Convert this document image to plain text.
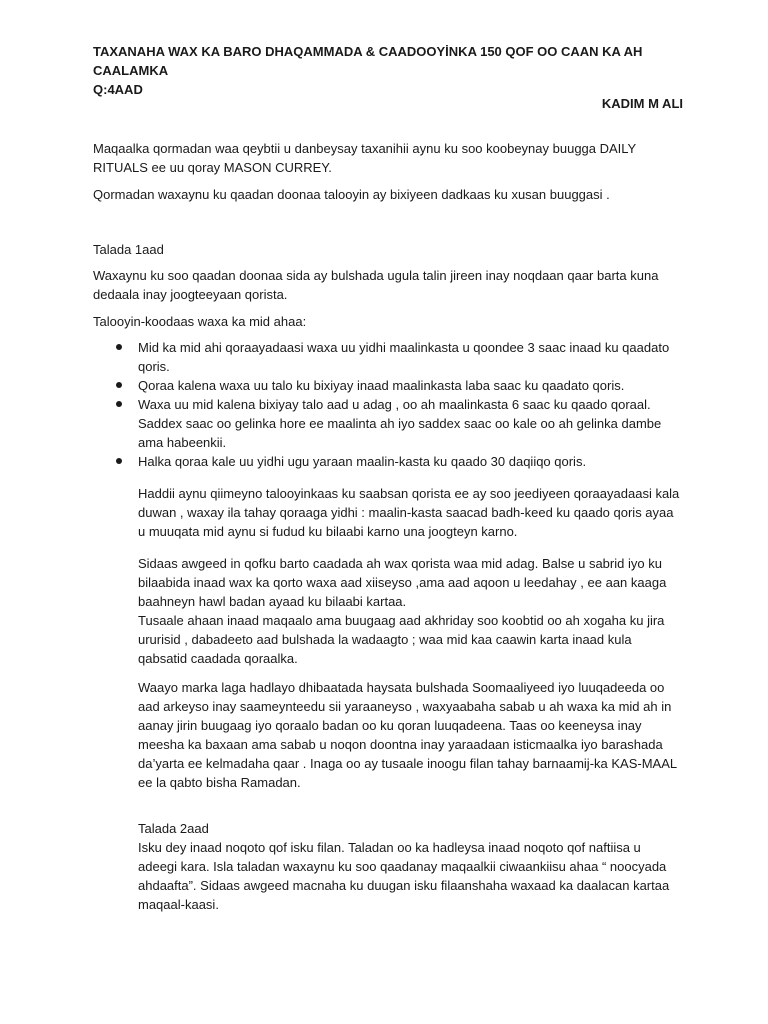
TAXANAHA WAX KA BARO DHAQAMMADA & CAADOOYİNKA 150 QOF OO CAAN KA AH
CAALAMKA
Q:4AAD
KADIM M ALI
Maqaalka qormadan waa qeybtii u danbeysay taxanihii aynu ku soo koobeynay buugga DAILY
RITUALS ee uu qoray MASON CURREY.
Qormadan waxaynu ku qaadan doonaa talooyin ay bixiyeen dadkaas ku xusan buuggasi .
Talada 1aad
Waxaynu ku soo qaadan doonaa sida ay bulshada ugula talin jireen inay noqdaan qaar barta kuna
dedaala inay joogteeyaan qorista.
Talooyin-koodaas waxa ka mid ahaa:
Mid ka mid ahi qoraayadaasi waxa uu yidhi maalinkasta u qoondee 3 saac inaad ku qaadato
qoris.
Qoraa kalena waxa uu talo ku bixiyay inaad maalinkasta laba saac ku qaadato qoris.
Waxa uu mid kalena bixiyay talo aad u adag , oo ah maalinkasta 6 saac ku qaado qoraal.
Saddex saac oo gelinka hore ee maalinta ah iyo saddex saac oo kale oo ah gelinka dambe
ama habeenkii.
Halka qoraa kale uu yidhi ugu yaraan maalin-kasta ku qaado 30 daqiiqo qoris.
Haddii aynu qiimeyno talooyinkaas ku saabsan qorista ee ay soo jeediyeen qoraayadaasi kala
duwan , waxay ila tahay qoraaga yidhi : maalin-kasta saacad badh-keed ku qaado qoris ayaa
u muuqata mid aynu si fudud ku bilaabi karno una joogteyn karno.
Sidaas awgeed in qofku barto caadada ah wax qorista waa mid adag. Balse u sabrid iyo ku
bilaabida inaad wax ka qorto waxa aad xiiseyso ,ama aad aqoon u leedahay , ee aan kaaga
baahneyn hawl badan ayaad ku bilaabi kartaa.
Tusaale ahaan inaad maqaalo ama buugaag aad akhriday soo koobtid oo ah xogaha ku jira
ururisid , dabadeeto aad bulshada la wadaagto ; waa mid kaa caawin karta inaad kula
qabsatid caadada qoraalka.
Waayo marka laga hadlayo dhibaatada haysata bulshada Soomaaliyeed iyo luuqadeeda oo
aad arkeyso inay saameynteedu sii yaraaneyso , waxyaabaha sabab u ah waxa ka mid ah in
aanay jirin buugaag iyo qoraalo badan oo ku qoran luuqadeena. Taas oo keeneysa inay
meesha ka baxaan ama sabab u noqon doontna inay yaraadaan isticmaalka iyo barashada
da’yarta ee kelmadaha qaar . Inaga oo ay tusaale inoogu filan tahay barnaamij-ka KAS-MAAL
ee la qabto bisha Ramadan.
Talada 2aad
Isku dey inaad noqoto qof isku filan. Taladan oo ka hadleysa inaad noqoto qof naftiisa u
adeegi kara. Isla taladan waxaynu ku soo qaadanay maqaalkii ciwaankiisu ahaa “ noocyada
ahdaafta”. Sidaas awgeed macnaha ku duugan isku filaanshaha waxaad ka daalacan kartaa
maqaal-kaasi.
